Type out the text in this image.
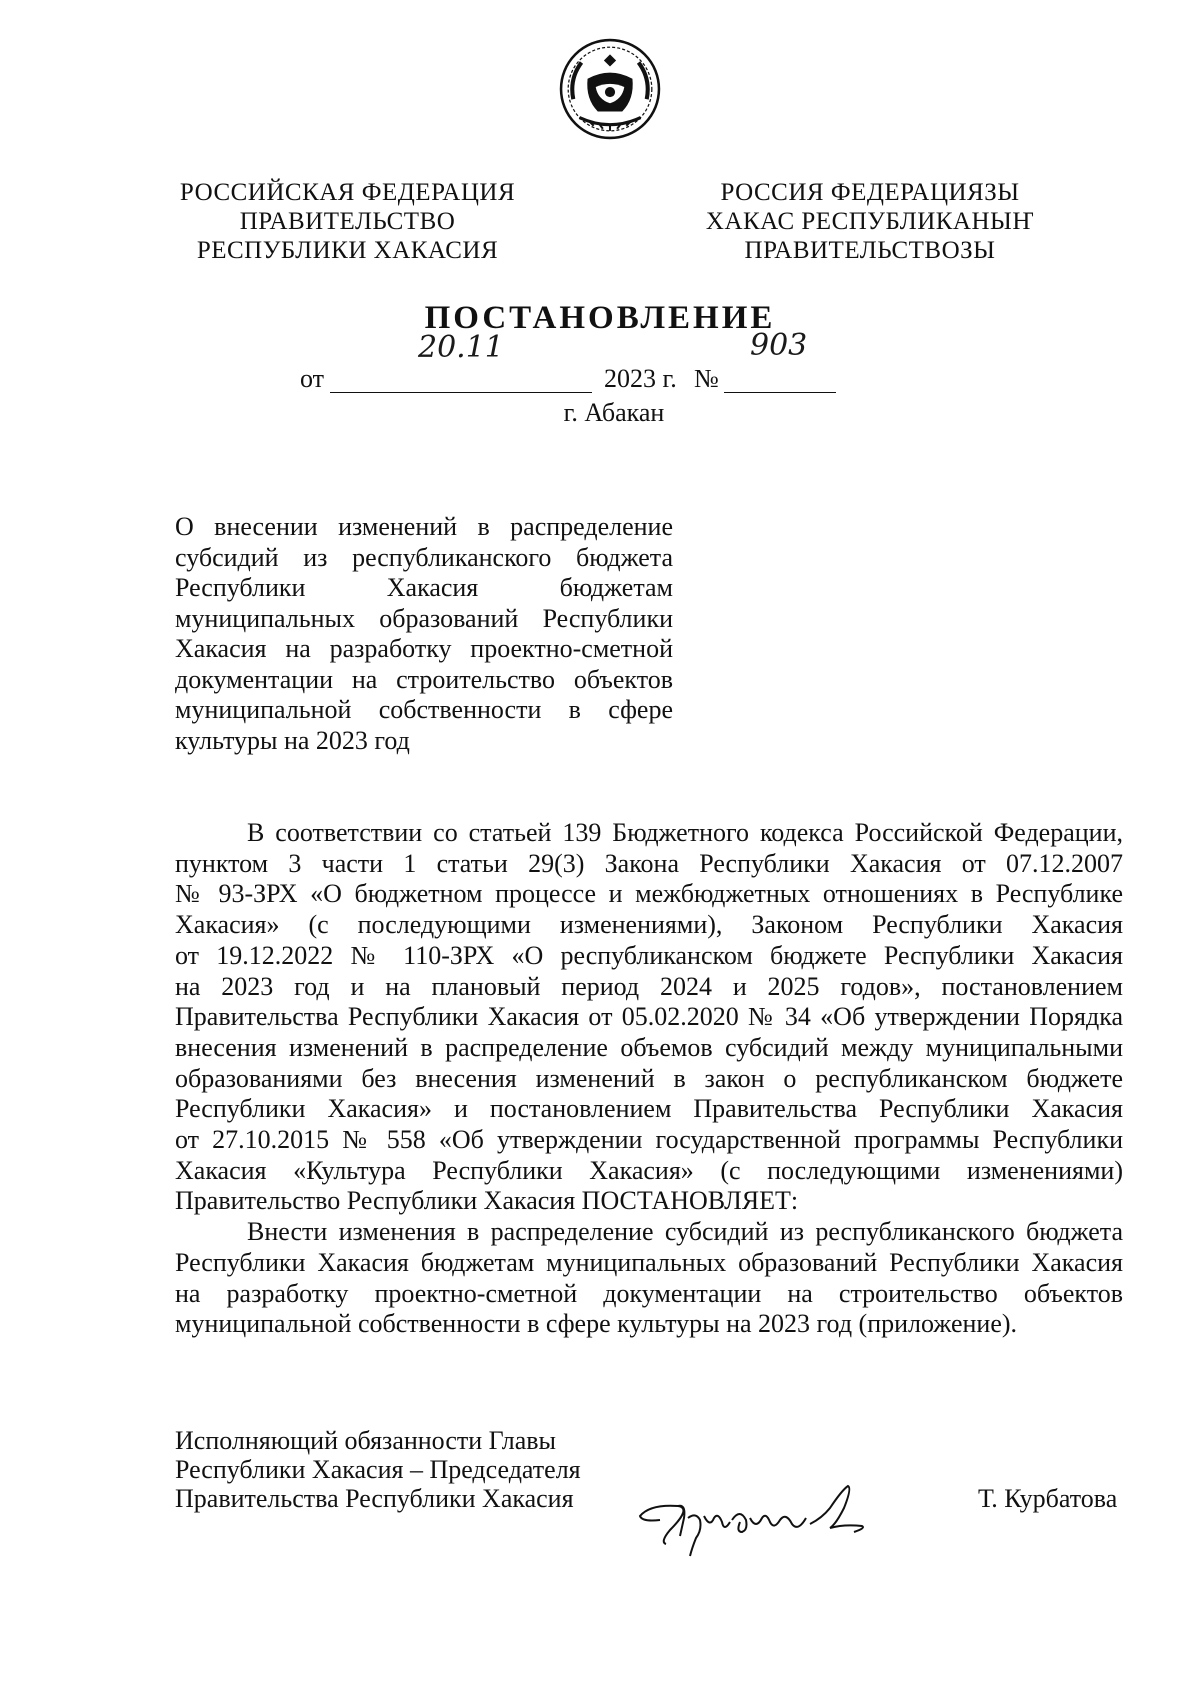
РОССИЙСКАЯ ФЕДЕРАЦИЯ
ПРАВИТЕЛЬСТВО
РЕСПУБЛИКИ ХАКАСИЯ
РОССИЯ ФЕДЕРАЦИЯЗЫ
ХАКАС РЕСПУБЛИКАНЫҤ
ПРАВИТЕЛЬСТВОЗЫ
ПОСТАНОВЛЕНИЕ
от
20.11
2023 г. №
903
г. Абакан
О внесении изменений в распределение
субсидий из республиканского бюджета
Республики Хакасия бюджетам
муниципальных образований Республики
Хакасия на разработку проектно-сметной
документации на строительство объектов
муниципальной собственности в сфере
культуры на 2023 год
В соответствии со статьей 139 Бюджетного кодекса Российской Федерации,
пунктом 3 части 1 статьи 29(3) Закона Республики Хакасия от 07.12.2007
№ 93-ЗРХ «О бюджетном процессе и межбюджетных отношениях в Республике
Хакасия» (с последующими изменениями), Законом Республики Хакасия
от 19.12.2022 № 110-ЗРХ «О республиканском бюджете Республики Хакасия
на 2023 год и на плановый период 2024 и 2025 годов», постановлением
Правительства Республики Хакасия от 05.02.2020 № 34 «Об утверждении Порядка
внесения изменений в распределение объемов субсидий между муниципальными
образованиями без внесения изменений в закон о республиканском бюджете
Республики Хакасия» и постановлением Правительства Республики Хакасия
от 27.10.2015 № 558 «Об утверждении государственной программы Республики
Хакасия «Культура Республики Хакасия» (с последующими изменениями)
Правительство Республики Хакасия ПОСТАНОВЛЯЕТ:
Внести изменения в распределение субсидий из республиканского бюджета
Республики Хакасия бюджетам муниципальных образований Республики Хакасия
на разработку проектно-сметной документации на строительство объектов
муниципальной собственности в сфере культуры на 2023 год (приложение).
Исполняющий обязанности Главы
Республики Хакасия – Председателя
Правительства Республики Хакасия	Т. Курбатова
